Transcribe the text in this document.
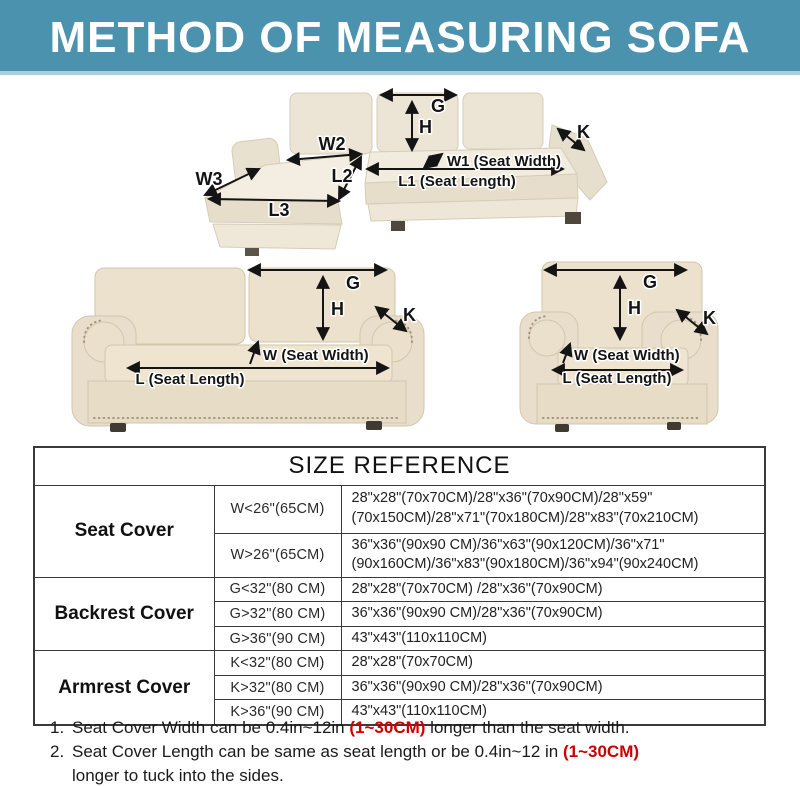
METHOD OF MEASURING SOFA
G
H	K
W1 (Seat Width)
L1 (Seat Length)
W2
L2
W3
L3
G
H	K
W (Seat Width)
L (Seat Length)
G
H	K
W (Seat Width)
L (Seat Length)
SIZE REFERENCE		
Seat Cover	W<26"(65CM)	28"x28"(70x70CM)/28"x36"(70x90CM)/28"x59" (70x150CM)/28"x71"(70x180CM)/28"x83"(70x210CM)
	W>26"(65CM)	36"x36"(90x90 CM)/36"x63"(90x120CM)/36"x71" (90x160CM)/36"x83"(90x180CM)/36"x94"(90x240CM)
Backrest Cover	G<32"(80 CM)	28"x28"(70x70CM) /28"x36"(70x90CM)
	G>32"(80 CM)	36"x36"(90x90 CM)/28"x36"(70x90CM)
	G>36"(90 CM)	43"x43"(110x110CM)
Armrest Cover	K<32"(80 CM)	28"x28"(70x70CM)
	K>32"(80 CM)	36"x36"(90x90 CM)/28"x36"(70x90CM)
	K>36"(90 CM)	43"x43"(110x110CM)
1. Seat Cover Width can be 0.4in~12in (1~30CM) longer than the seat width.

2. Seat Cover Length can be same as seat length or be 0.4in~12 in (1~30CM) longer to tuck into the sides.
